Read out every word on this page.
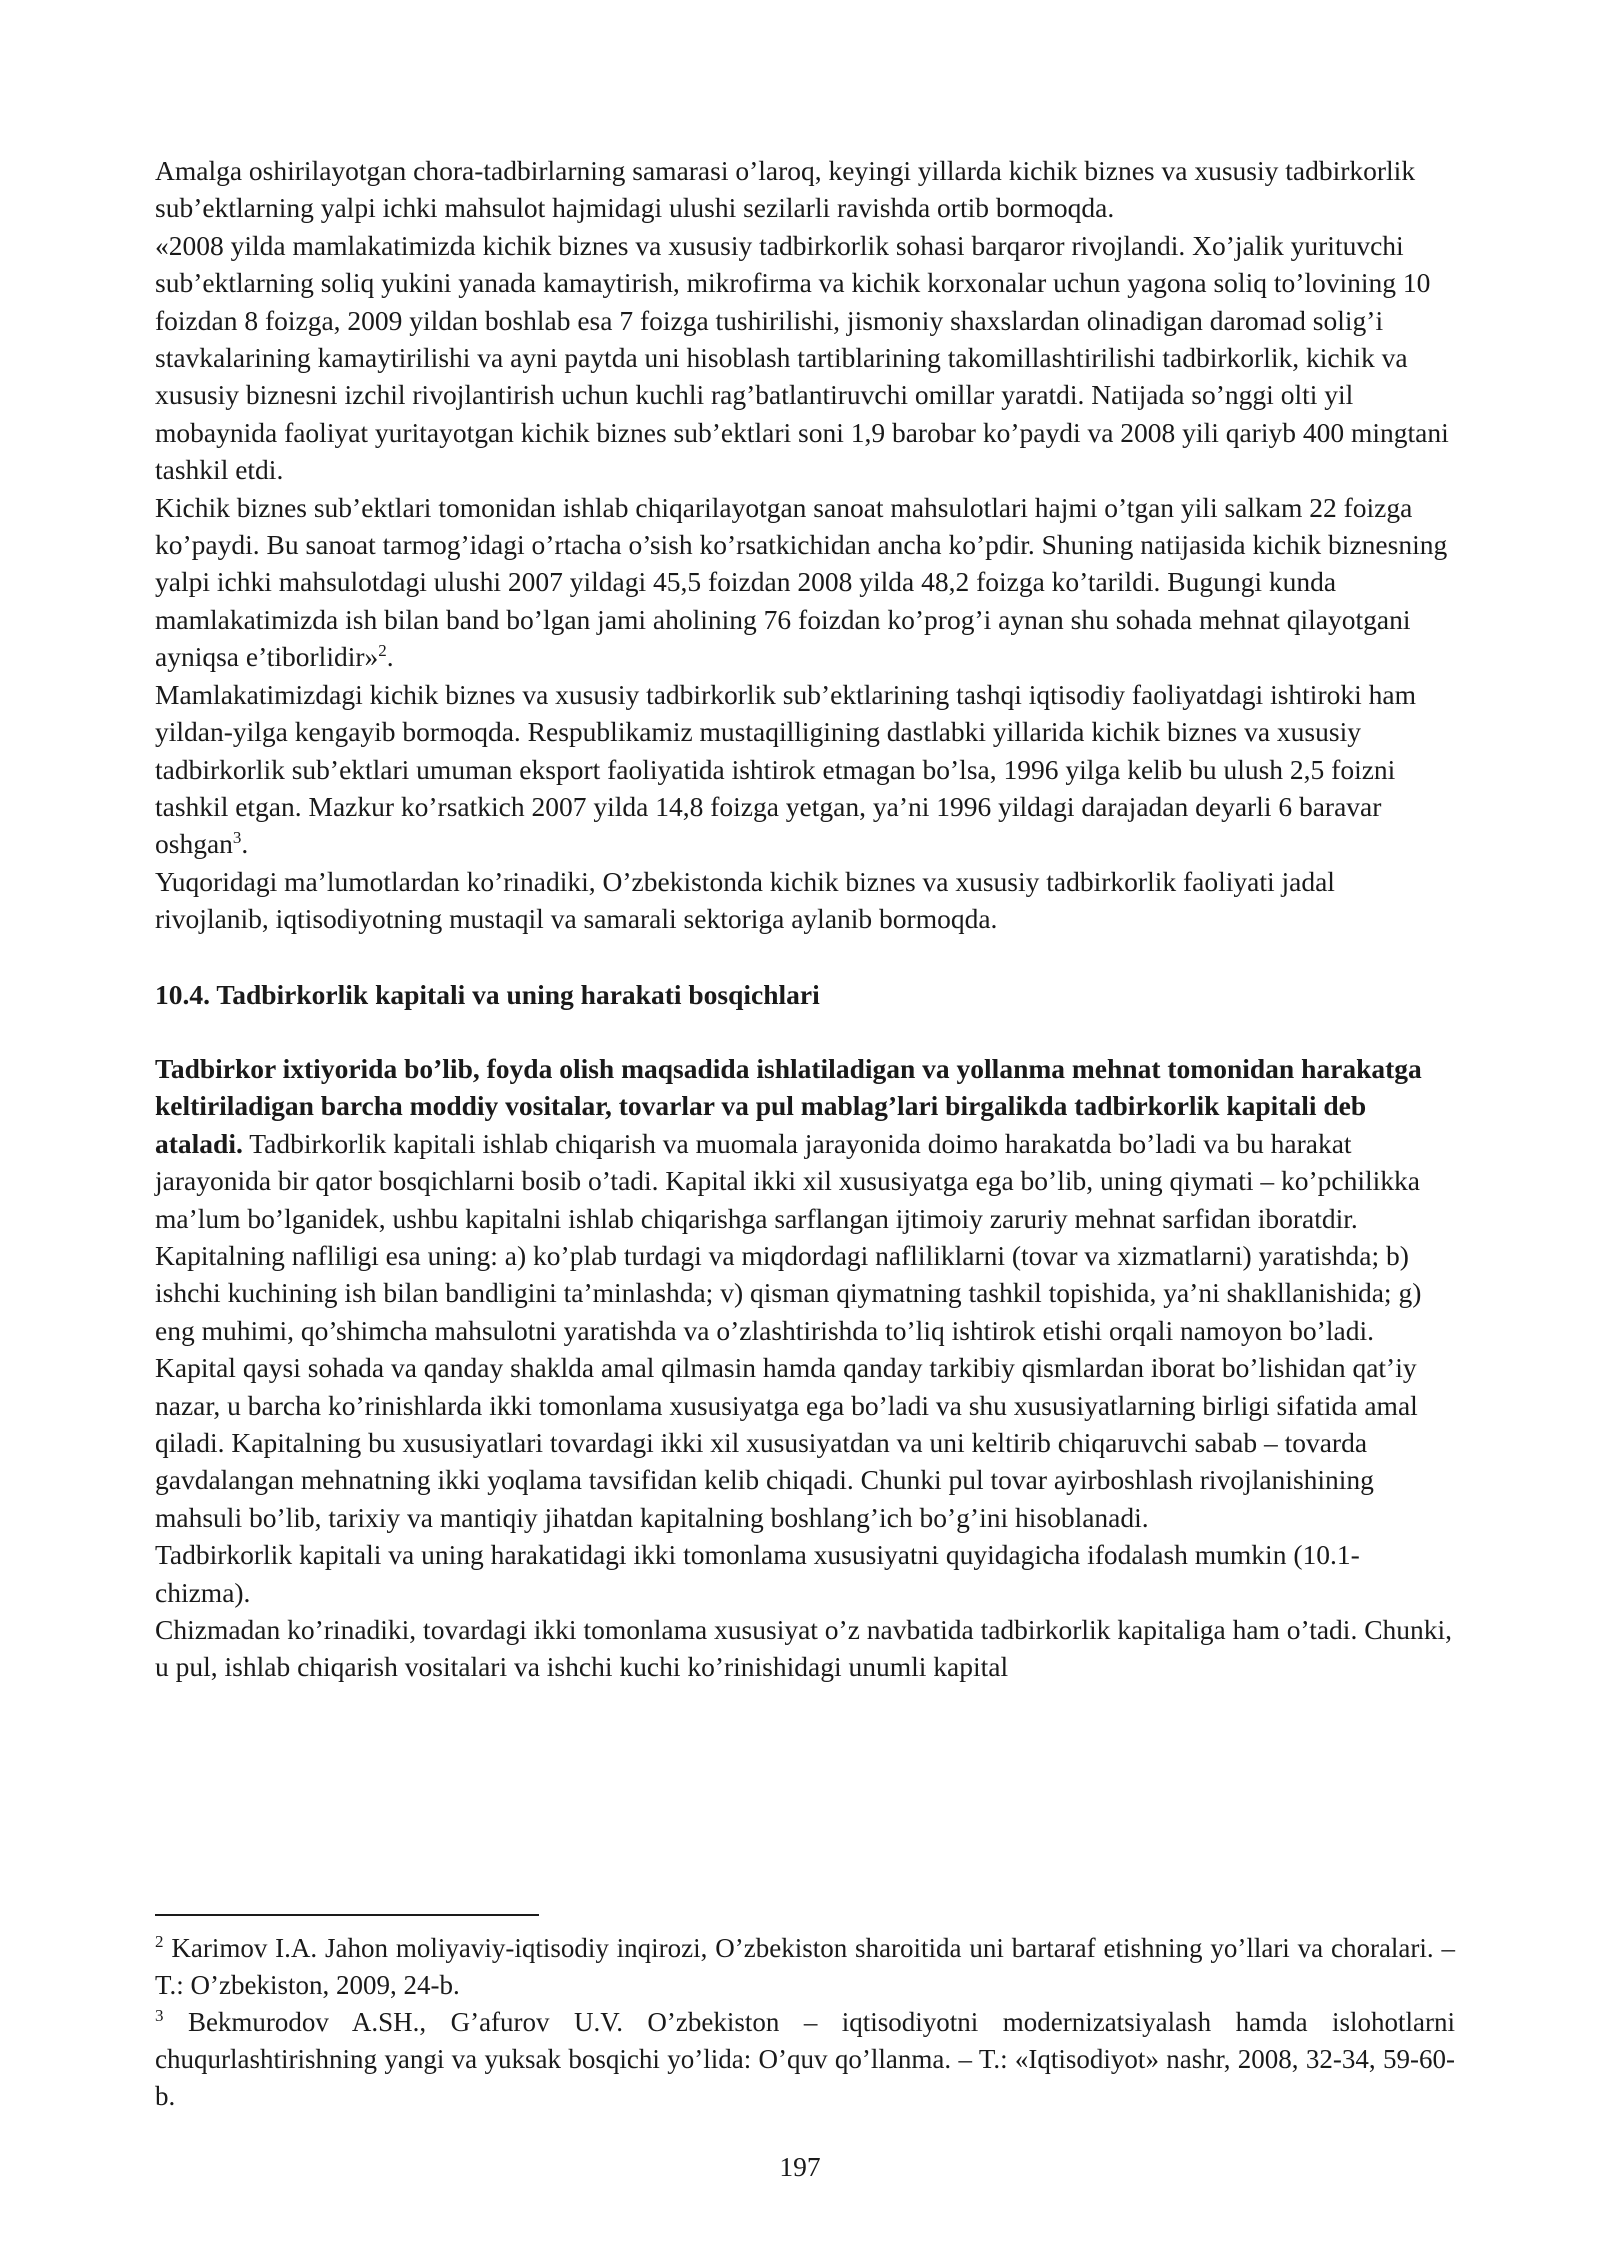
Amalga oshirilayotgan chora-tadbirlarning samarasi o’laroq, keyingi yillarda kichik biznes va xususiy tadbirkorlik sub’ektlarning yalpi ichki mahsulot hajmidagi ulushi sezilarli ravishda ortib bormoqda.

«2008 yilda mamlakatimizda kichik biznes va xususiy tadbirkorlik sohasi barqaror rivojlandi. Xo’jalik yurituvchi sub’ektlarning soliq yukini yanada kamaytirish, mikrofirma va kichik korxonalar uchun yagona soliq to’lovining 10 foizdan 8 foizga, 2009 yildan boshlab esa 7 foizga tushirilishi, jismoniy shaxslardan olinadigan daromad solig’i stavkalarining kamaytirilishi va ayni paytda uni hisoblash tartiblarining takomillashtirilishi tadbirkorlik, kichik va xususiy biznesni izchil rivojlantirish uchun kuchli rag’batlantiruvchi omillar yaratdi. Natijada so’nggi olti yil mobaynida faoliyat yuritayotgan kichik biznes sub’ektlari soni 1,9 barobar ko’paydi va 2008 yili qariyb 400 mingtani tashkil etdi.

Kichik biznes sub’ektlari tomonidan ishlab chiqarilayotgan sanoat mahsulotlari hajmi o’tgan yili salkam 22 foizga ko’paydi. Bu sanoat tarmog’idagi o’rtacha o’sish ko’rsatkichidan ancha ko’pdir. Shuning natijasida kichik biznesning yalpi ichki mahsulotdagi ulushi 2007 yildagi 45,5 foizdan 2008 yilda 48,2 foizga ko’tarildi. Bugungi kunda mamlakatimizda ish bilan band bo’lgan jami aholining 76 foizdan ko’prog’i aynan shu sohada mehnat qilayotgani ayniqsa e’tiborlidir»$^2$.

Mamlakatimizdagi kichik biznes va xususiy tadbirkorlik sub’ektlarining tashqi iqtisodiy faoliyatdagi ishtiroki ham yildan-yilga kengayib bormoqda. Respublikamiz mustaqilligining dastlabki yillarida kichik biznes va xususiy tadbirkorlik sub’ektlari umuman eksport faoliyatida ishtirok etmagan bo’lsa, 1996 yilga kelib bu ulush 2,5 foizni tashkil etgan. Mazkur ko’rsatkich 2007 yilda 14,8 foizga yetgan, ya’ni 1996 yildagi darajadan deyarli 6 baravar oshgan$^3$.

Yuqoridagi ma’lumotlardan ko’rinadiki, O’zbekistonda kichik biznes va xususiy tadbirkorlik faoliyati jadal rivojlanib, iqtisodiyotning mustaqil va samarali sektoriga aylanib bormoqda.

10.4. Tadbirkorlik kapitali va uning harakati bosqichlari

Tadbirkor ixtiyorida bo’lib, foyda olish maqsadida ishlatiladigan va yollanma mehnat tomonidan harakatga keltiriladigan barcha moddiy vositalar, tovarlar va pul mablag’lari birgalikda tadbirkorlik kapitali deb ataladi. Tadbirkorlik kapitali ishlab chiqarish va muomala jarayonida doimo harakatda bo’ladi va bu harakat jarayonida bir qator bosqichlarni bosib o’tadi. Kapital ikki xil xususiyatga ega bo’lib, uning qiymati – ko’pchilikka ma’lum bo’lganidek, ushbu kapitalni ishlab chiqarishga sarflangan ijtimoiy zaruriy mehnat sarfidan iboratdir. Kapitalning nafliligi esa uning: a) ko’plab turdagi va miqdordagi nafliliklarni (tovar va xizmatlarni) yaratishda; b) ishchi kuchining ish bilan bandligini ta’minlashda; v) qisman qiymatning tashkil topishida, ya’ni shakllanishida; g) eng muhimi, qo’shimcha mahsulotni yaratishda va o’zlashtirishda to’liq ishtirok etishi orqali namoyon bo’ladi.

Kapital qaysi sohada va qanday shaklda amal qilmasin hamda qanday tarkibiy qismlardan iborat bo’lishidan qat’iy nazar, u barcha ko’rinishlarda ikki tomonlama xususiyatga ega bo’ladi va shu xususiyatlarning birligi sifatida amal qiladi. Kapitalning bu xususiyatlari tovardagi ikki xil xususiyatdan va uni keltirib chiqaruvchi sabab – tovarda gavdalangan mehnatning ikki yoqlama tavsifidan kelib chiqadi. Chunki pul tovar ayirboshlash rivojlanishining mahsuli bo’lib, tarixiy va mantiqiy jihatdan kapitalning boshlang’ich bo’g’ini hisoblanadi.

Tadbirkorlik kapitali va uning harakatidagi ikki tomonlama xususiyatni quyidagicha ifodalash mumkin (10.1-chizma).

Chizmadan ko’rinadiki, tovardagi ikki tomonlama xususiyat o’z navbatida tadbirkorlik kapitaliga ham o’tadi. Chunki, u pul, ishlab chiqarish vositalari va ishchi kuchi ko’rinishidagi unumli kapital

$^2$ Karimov I.A. Jahon moliyaviy-iqtisodiy inqirozi, O’zbekiston sharoitida uni bartaraf etishning yo’llari va choralari. – T.: O’zbekiston, 2009, 24-b.

$^3$ Bekmurodov A.SH., G’afurov U.V. O’zbekiston – iqtisodiyotni modernizatsiyalash hamda islohotlarni chuqurlashtirishning yangi va yuksak bosqichi yo’lida: O’quv qo’llanma. – T.: «Iqtisodiyot» nashr, 2008, 32-34, 59-60-b.

197
